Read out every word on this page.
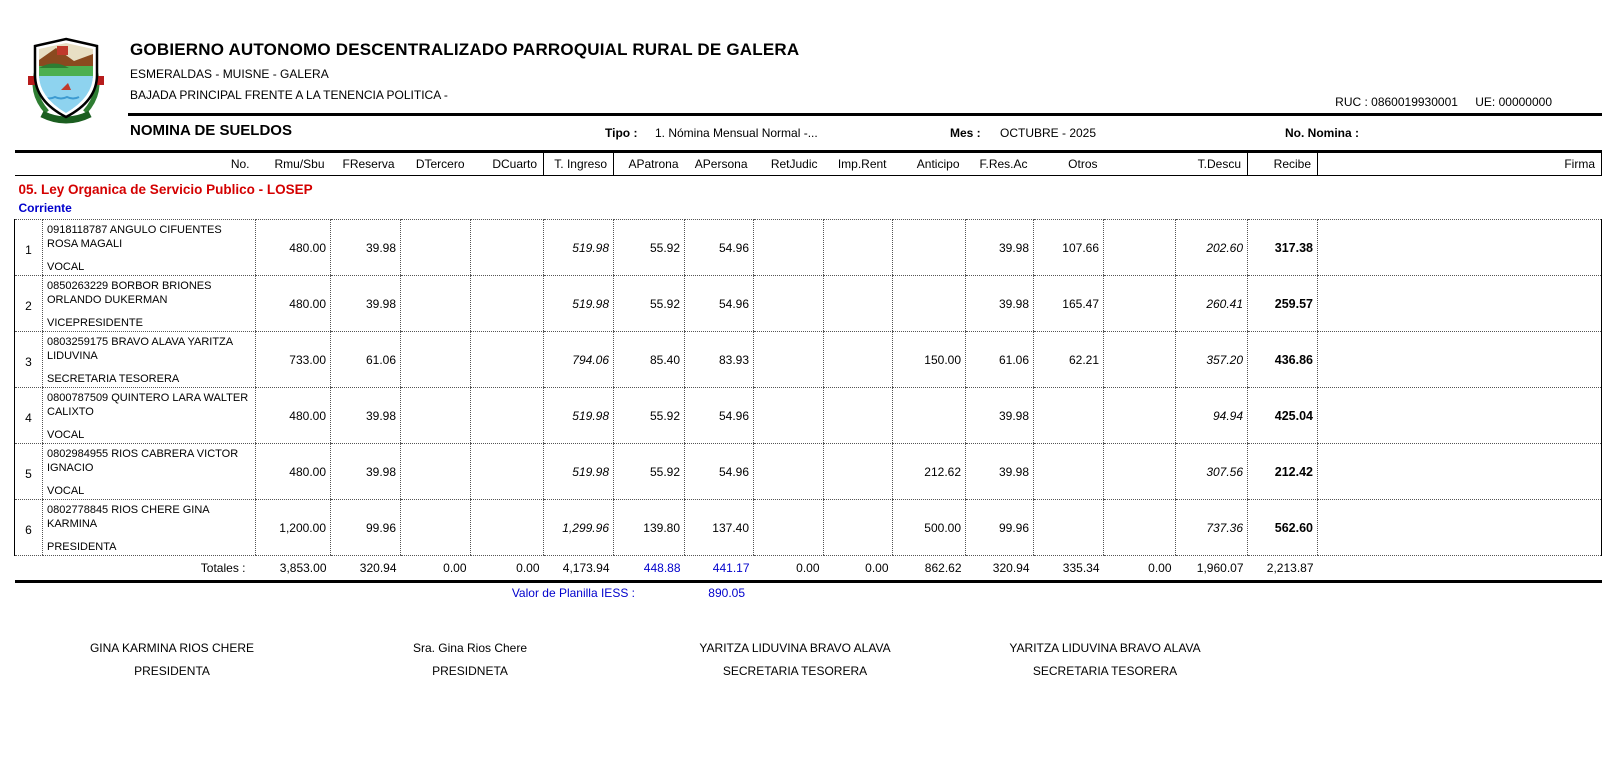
GOBIERNO AUTONOMO DESCENTRALIZADO PARROQUIAL RURAL DE GALERA
ESMERALDAS - MUISNE - GALERA
BAJADA PRINCIPAL FRENTE A LA TENENCIA POLITICA -	RUC : 0860019930001 UE: 00000000
NOMINA DE SUELDOS	Tipo : 1. Nómina Mensual Normal -...	Mes : OCTUBRE - 2025	No. Nomina :
No.		Rmu/Sbu	FReserva	DTercero	DCuarto	T. Ingreso	APatrona	APersona	RetJudic	Imp.Rent	Anticipo	F.Res.Ac	Otros	T.Descu		Recibe	Firma
05. Ley Organica de Servicio Publico - LOSEP																	
Corriente																	
1	0918118787 ANGULO CIFUENTES ROSA MAGALI
VOCAL	480.00	39.98			519.98	55.92	54.96				39.98	107.66		202.60	317.38	
2	0850263229 BORBOR BRIONES ORLANDO DUKERMAN
VICEPRESIDENTE	480.00	39.98			519.98	55.92	54.96				39.98	165.47		260.41	259.57	
3	0803259175 BRAVO ALAVA YARITZA LIDUVINA
SECRETARIA TESORERA	733.00	61.06			794.06	85.40	83.93			150.00	61.06	62.21		357.20	436.86	
4	0800787509 QUINTERO LARA WALTER CALIXTO
VOCAL	480.00	39.98			519.98	55.92	54.96				39.98			94.94	425.04	
5	0802984955 RIOS CABRERA VICTOR IGNACIO
VOCAL	480.00	39.98			519.98	55.92	54.96			212.62	39.98			307.56	212.42	
6	0802778845 RIOS CHERE GINA KARMINA
PRESIDENTA	1,200.00	99.96			1,299.96	139.80	137.40			500.00	99.96			737.36	562.60	
Totales :		3,853.00	320.94	0.00	0.00	4,173.94	448.88	441.17	0.00	0.00	862.62	320.94	335.34	0.00	1,960.07	2,213.87	
Valor de Planilla IESS :	890.05
GINA KARMINA RIOS CHERE
PRESIDENTA
Sra. Gina Rios Chere
PRESIDNETA
YARITZA LIDUVINA BRAVO ALAVA
SECRETARIA TESORERA
YARITZA LIDUVINA BRAVO ALAVA
SECRETARIA TESORERA
